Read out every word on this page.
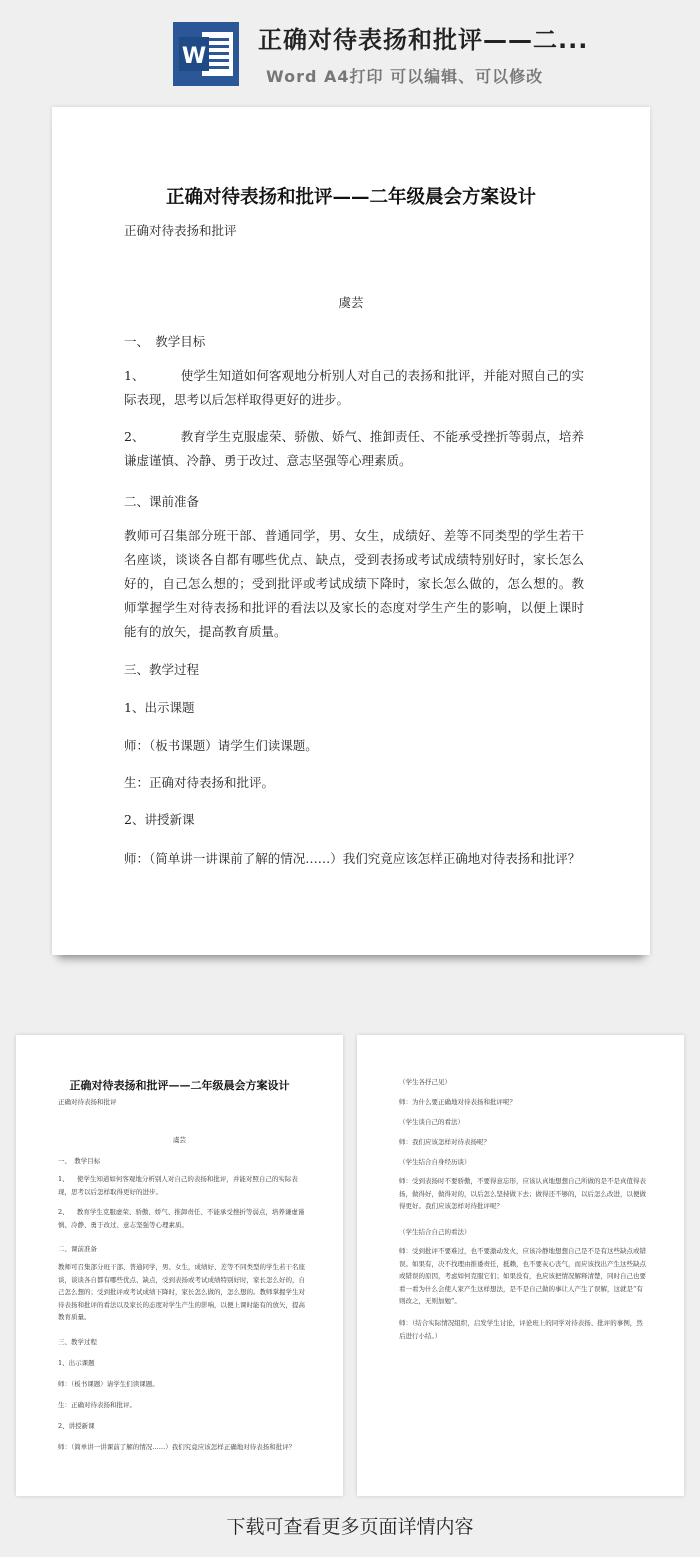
W
正确对待表扬和批评——二...
Word A4打印 可以编辑、可以修改
正确对待表扬和批评——二年级晨会方案设计
正确对待表扬和批评
虞芸
一、　教学目标
1、	使学生知道如何客观地分析别人对自己的表扬和批评，并能对照自己的实际表现，思考以后怎样取得更好的进步。
2、	教育学生克服虚荣、骄傲、娇气、推卸责任、不能承受挫折等弱点，培养谦虚谨慎、冷静、勇于改过、意志坚强等心理素质。
二、课前准备
教师可召集部分班干部、普通同学，男、女生，成绩好、差等不同类型的学生若干名座谈，谈谈各自都有哪些优点、缺点，受到表扬或考试成绩特别好时，家长怎么好的，自己怎么想的；受到批评或考试成绩下降时，家长怎么做的，怎么想的。教师掌握学生对待表扬和批评的看法以及家长的态度对学生产生的影响，以便上课时能有的放矢，提高教育质量。
三、教学过程
1、出示课题
师：（板书课题）请学生们读课题。
生：正确对待表扬和批评。
2、讲授新课
师：（简单讲一讲课前了解的情况……）我们究竟应该怎样正确地对待表扬和批评？
正确对待表扬和批评——二年级晨会方案设计
正确对待表扬和批评
虞芸
一、　教学目标
1、 使学生知道如何客观地分析别人对自己的表扬和批评，并能对照自己的实际表现，思考以后怎样取得更好的进步。
2、 教育学生克服虚荣、骄傲、娇气、推卸责任、不能承受挫折等弱点，培养谦虚谨慎、冷静、勇于改过、意志坚强等心理素质。
二、课前准备
教师可召集部分班干部、普通同学，男、女生，成绩好、差等不同类型的学生若干名座谈，谈谈各自都有哪些优点、缺点，受到表扬或考试成绩特别好时，家长怎么好的，自己怎么想的；受到批评或考试成绩下降时，家长怎么做的，怎么想的。教师掌握学生对待表扬和批评的看法以及家长的态度对学生产生的影响，以便上课时能有的放矢，提高教育质量。
三、教学过程
1、出示课题
师：（板书课题）请学生们读课题。
生：正确对待表扬和批评。
2、讲授新课
师：（简单讲一讲课前了解的情况……）我们究竟应该怎样正确地对待表扬和批评？
（学生各抒己见）
师：为什么要正确地对待表扬和批评呢？
（学生谈自己的看法）
师：我们应该怎样对待表扬呢？
（学生结合自身经历谈）
师：受到表扬时不要骄傲，不要得意忘形，应该认真地想想自己所做的是不是真值得表扬，做得好，做得对的，以后怎么坚持做下去；做得还不够的，以后怎么改进，以便做得更好。我们应该怎样对待批评呢？
（学生结合自己的看法）
师：受到批评不要难过，也不要激动发火，应该冷静地想想自己是不是有这些缺点或错误。如果有，决不找理由推诿责任，抵赖，也不要灰心丧气，而应该找出产生这些缺点或错误的原因，考虑如何克服它们；如果没有，也应该把情况解释清楚，同时自己也要看一看为什么会使人家产生这样想法，是不是自己做的事让人产生了误解，这就是“有则改之，无则加勉”。
师：（结合实际情况组织，启发学生讨论，评论班上的同学对待表扬、批评的事例，然后进行小结。）
下载可查看更多页面详情内容
